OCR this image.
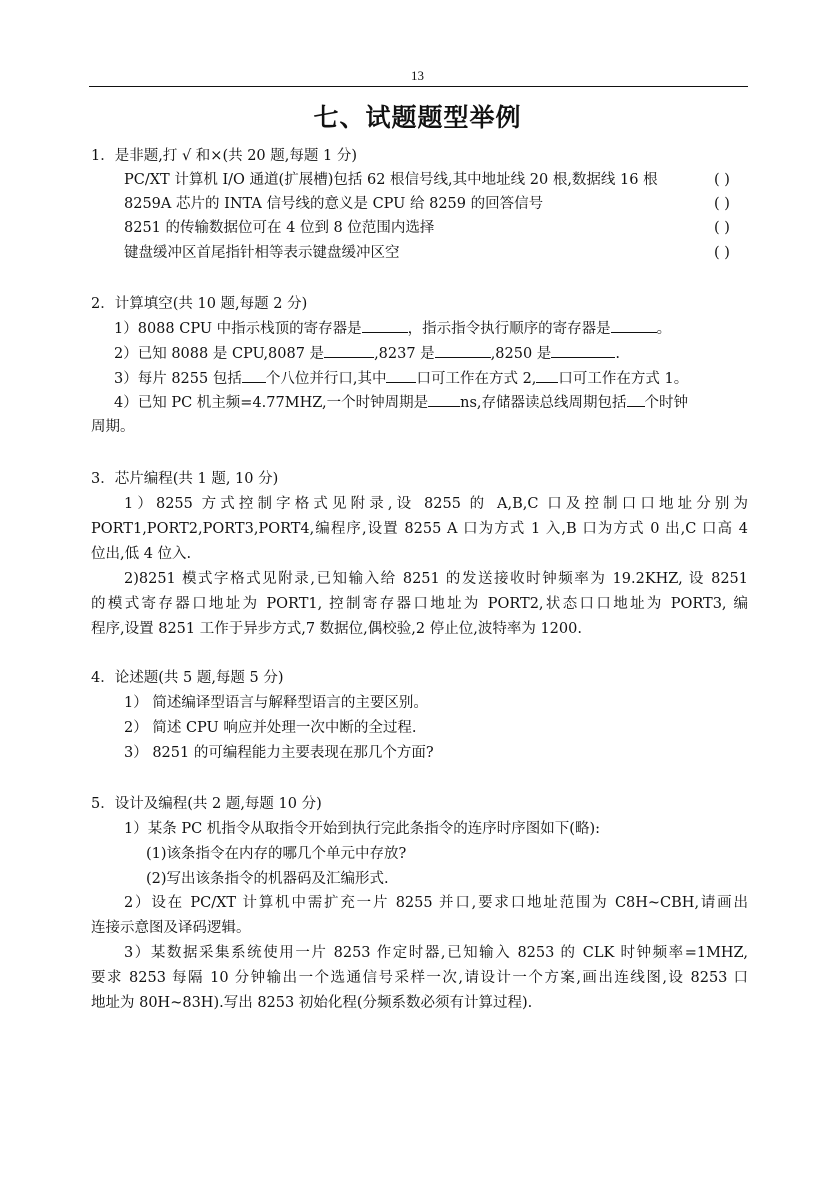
13
七、试题题型举例
1．是非题,打 √ 和×(共 20 题,每题 1 分)
PC/XT 计算机 I/O 通道(扩展槽)包括 62 根信号线,其中地址线 20 根,数据线 16 根	( )
8259A 芯片的 INTA 信号线的意义是 CPU 给 8259 的回答信号	( )
8251 的传输数据位可在 4 位到 8 位范围内选择	( )
键盘缓冲区首尾指针相等表示键盘缓冲区空	( )
2．计算填空(共 10 题,每题 2 分)
1）8088 CPU 中指示栈顶的寄存器是	，指示指令执行顺序的寄存器是	。
2）已知 8088 是 CPU,8087 是	,8237 是	,8250 是	.
3）每片 8255 包括 个八位并行口,其中 口可工作在方式 2, 口可工作在方式 1。
4）已知 PC 机主频=4.77MHZ,一个时钟周期是 ns,存储器读总线周期包括 个时钟
周期。
3．芯片编程(共 1 题, 10 分)
1）8255 方式控制字格式见附录,设 8255 的 A,B,C 口及控制口口地址分别为
PORT1,PORT2,PORT3,PORT4,编程序,设置 8255 A 口为方式 1 入,B 口为方式 0 出,C 口高 4
位出,低 4 位入.
2)8251 模式字格式见附录,已知输入给 8251 的发送接收时钟频率为 19.2KHZ, 设 8251
的模式寄存器口地址为 PORT1, 控制寄存器口地址为 PORT2,状态口口地址为 PORT3, 编
程序,设置 8251 工作于异步方式,7 数据位,偶校验,2 停止位,波特率为 1200.
4．论述题(共 5 题,每题 5 分)
1） 简述编译型语言与解释型语言的主要区别。
2） 简述 CPU 响应并处理一次中断的全过程.
3） 8251 的可编程能力主要表现在那几个方面?
5．设计及编程(共 2 题,每题 10 分)
1）某条 PC 机指令从取指令开始到执行完此条指令的连序时序图如下(略):
(1)该条指令在内存的哪几个单元中存放?
(2)写出该条指令的机器码及汇编形式.
2）设在 PC/XT 计算机中需扩充一片 8255 并口,要求口地址范围为 C8H~CBH,请画出
连接示意图及译码逻辑。
3）某数据采集系统使用一片 8253 作定时器,已知输入 8253 的 CLK 时钟频率=1MHZ,
要求 8253 每隔 10 分钟输出一个选通信号采样一次,请设计一个方案,画出连线图,设 8253 口
地址为 80H~83H).写出 8253 初始化程(分频系数必须有计算过程).
